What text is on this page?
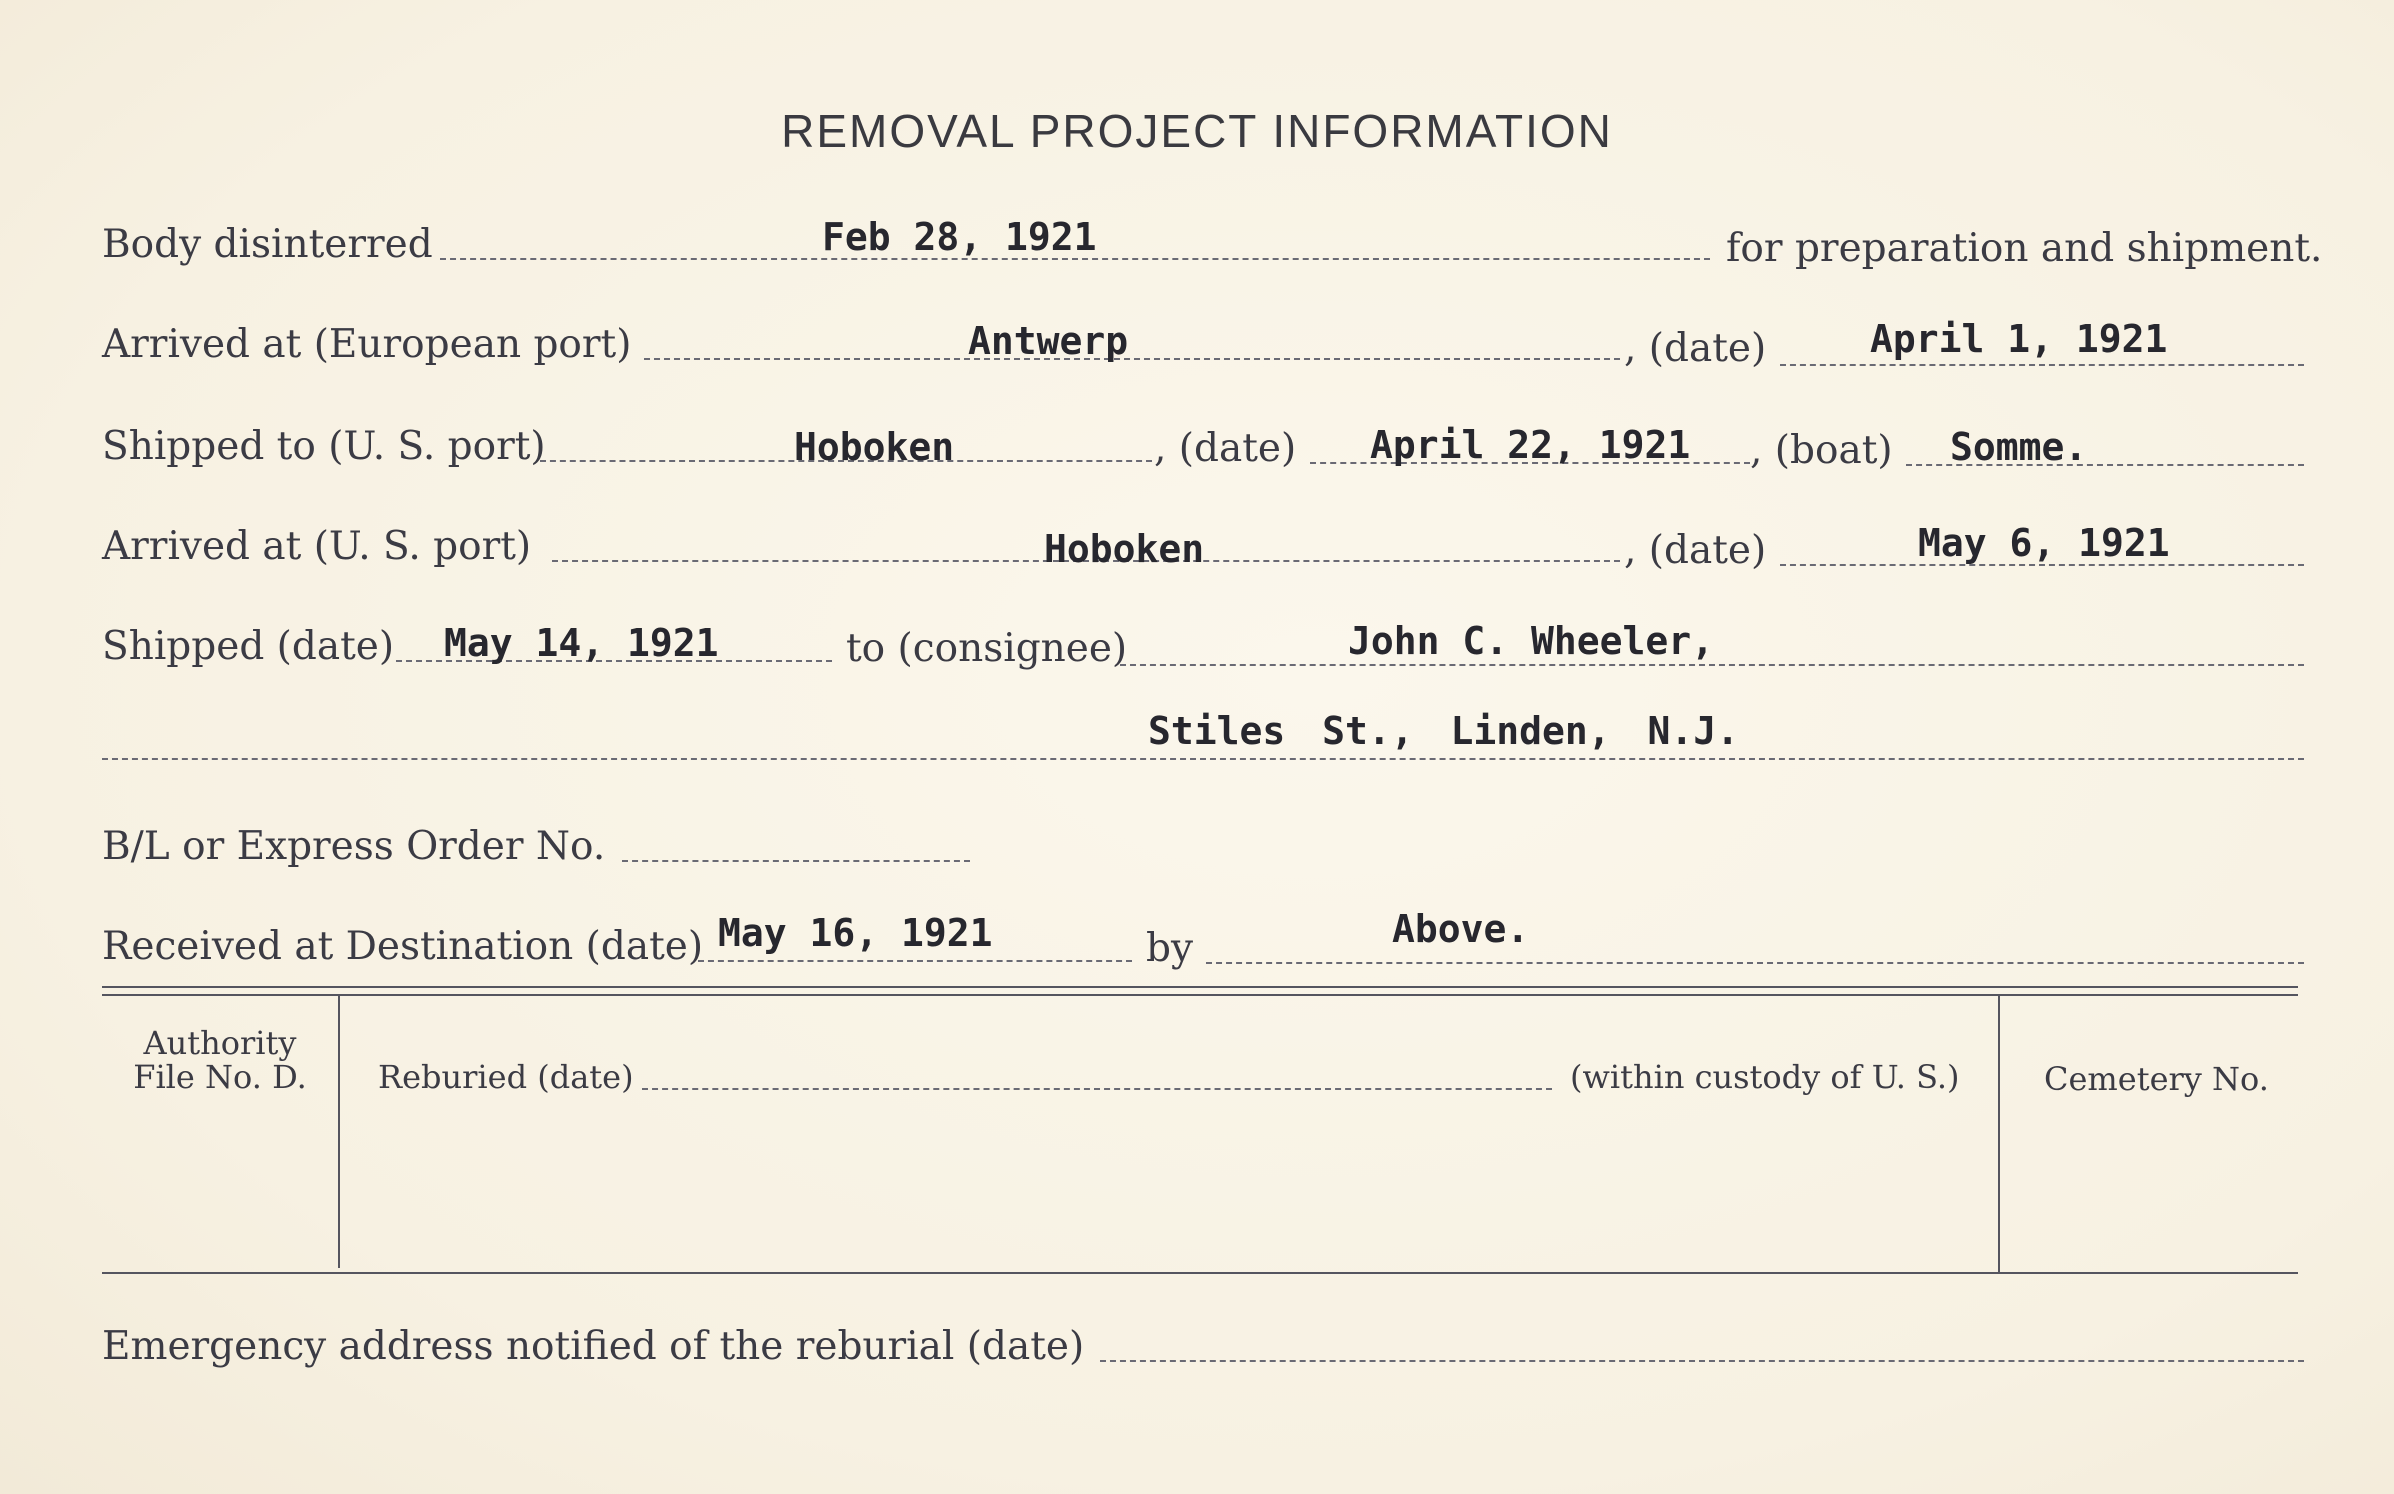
REMOVAL PROJECT INFORMATION
Body disinterred	Feb 28, 1921	for preparation and shipment.
Arrived at (European port)	Antwerp	, (date)	April 1, 1921
Shipped to (U. S. port)	Hoboken	, (date) April 22, 1921 , (boat) Somme.
Arrived at (U. S. port)	Hoboken	, (date)	May 6, 1921
Shipped (date) May 14, 1921	to (consignee)	John C. Wheeler,
Stiles St., Linden, N.J.
B/L or Express Order No.
Received at Destination (date) May 16, 1921	by	Above.
Authority
File No. D.	Reburied (date)	(within custody of U. S.)	Cemetery No.
Emergency address notified of the reburial (date)
